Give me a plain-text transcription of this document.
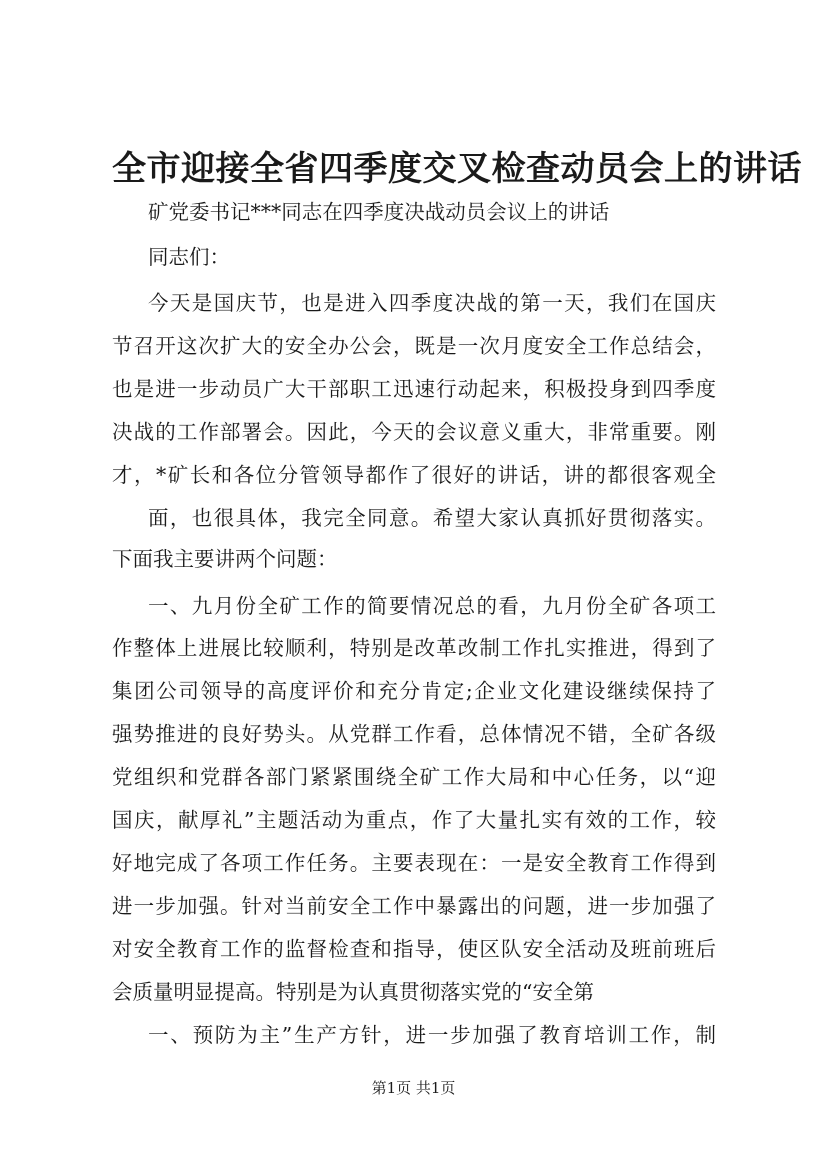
全市迎接全省四季度交叉检查动员会上的讲话
矿党委书记***同志在四季度决战动员会议上的讲话
同志们：
今天是国庆节，也是进入四季度决战的第一天，我们在国庆
节召开这次扩大的安全办公会，既是一次月度安全工作总结会，
也是进一步动员广大干部职工迅速行动起来，积极投身到四季度
决战的工作部署会。因此，今天的会议意义重大，非常重要。刚
才，*矿长和各位分管领导都作了很好的讲话，讲的都很客观全
面，也很具体，我完全同意。希望大家认真抓好贯彻落实。
下面我主要讲两个问题：
一、九月份全矿工作的简要情况总的看，九月份全矿各项工
作整体上进展比较顺利，特别是改革改制工作扎实推进，得到了
集团公司领导的高度评价和充分肯定;企业文化建设继续保持了
强势推进的良好势头。从党群工作看，总体情况不错，全矿各级
党组织和党群各部门紧紧围绕全矿工作大局和中心任务，以“迎
国庆，献厚礼”主题活动为重点，作了大量扎实有效的工作，较
好地完成了各项工作任务。主要表现在：一是安全教育工作得到
进一步加强。针对当前安全工作中暴露出的问题，进一步加强了
对安全教育工作的监督检查和指导，使区队安全活动及班前班后
会质量明显提高。特别是为认真贯彻落实党的“安全第
一、预防为主”生产方针，进一步加强了教育培训工作，制
第1页 共1页
